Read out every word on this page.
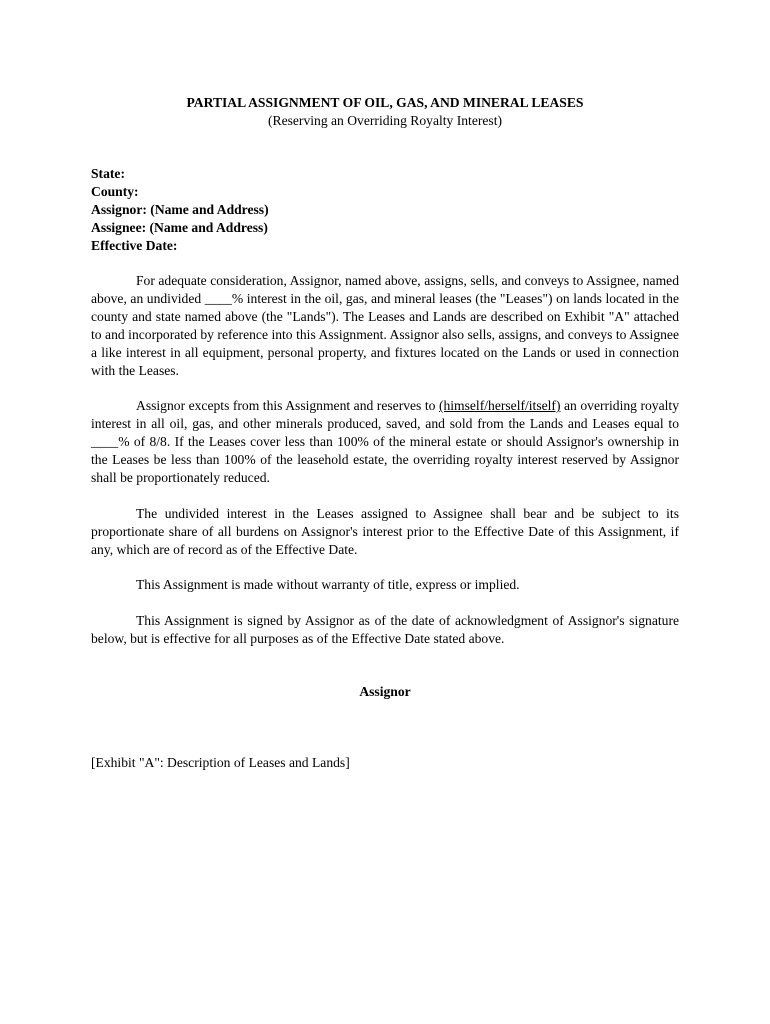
PARTIAL ASSIGNMENT OF OIL, GAS, AND MINERAL LEASES
(Reserving an Overriding Royalty Interest)
State:
County:
Assignor: (Name and Address)
Assignee: (Name and Address)
Effective Date:

For adequate consideration, Assignor, named above, assigns, sells, and conveys to Assignee, named above, an undivided ____% interest in the oil, gas, and mineral leases (the "Leases") on lands located in the county and state named above (the "Lands"). The Leases and Lands are described on Exhibit "A" attached to and incorporated by reference into this Assignment. Assignor also sells, assigns, and conveys to Assignee a like interest in all equipment, personal property, and fixtures located on the Lands or used in connection with the Leases.

Assignor excepts from this Assignment and reserves to (himself/herself/itself) an overriding royalty interest in all oil, gas, and other minerals produced, saved, and sold from the Lands and Leases equal to ____% of 8/8. If the Leases cover less than 100% of the mineral estate or should Assignor's ownership in the Leases be less than 100% of the leasehold estate, the overriding royalty interest reserved by Assignor shall be proportionately reduced.

The undivided interest in the Leases assigned to Assignee shall bear and be subject to its proportionate share of all burdens on Assignor's interest prior to the Effective Date of this Assignment, if any, which are of record as of the Effective Date.

This Assignment is made without warranty of title, express or implied.

This Assignment is signed by Assignor as of the date of acknowledgment of Assignor's signature below, but is effective for all purposes as of the Effective Date stated above.

Assignor
[Exhibit "A": Description of Leases and Lands]
